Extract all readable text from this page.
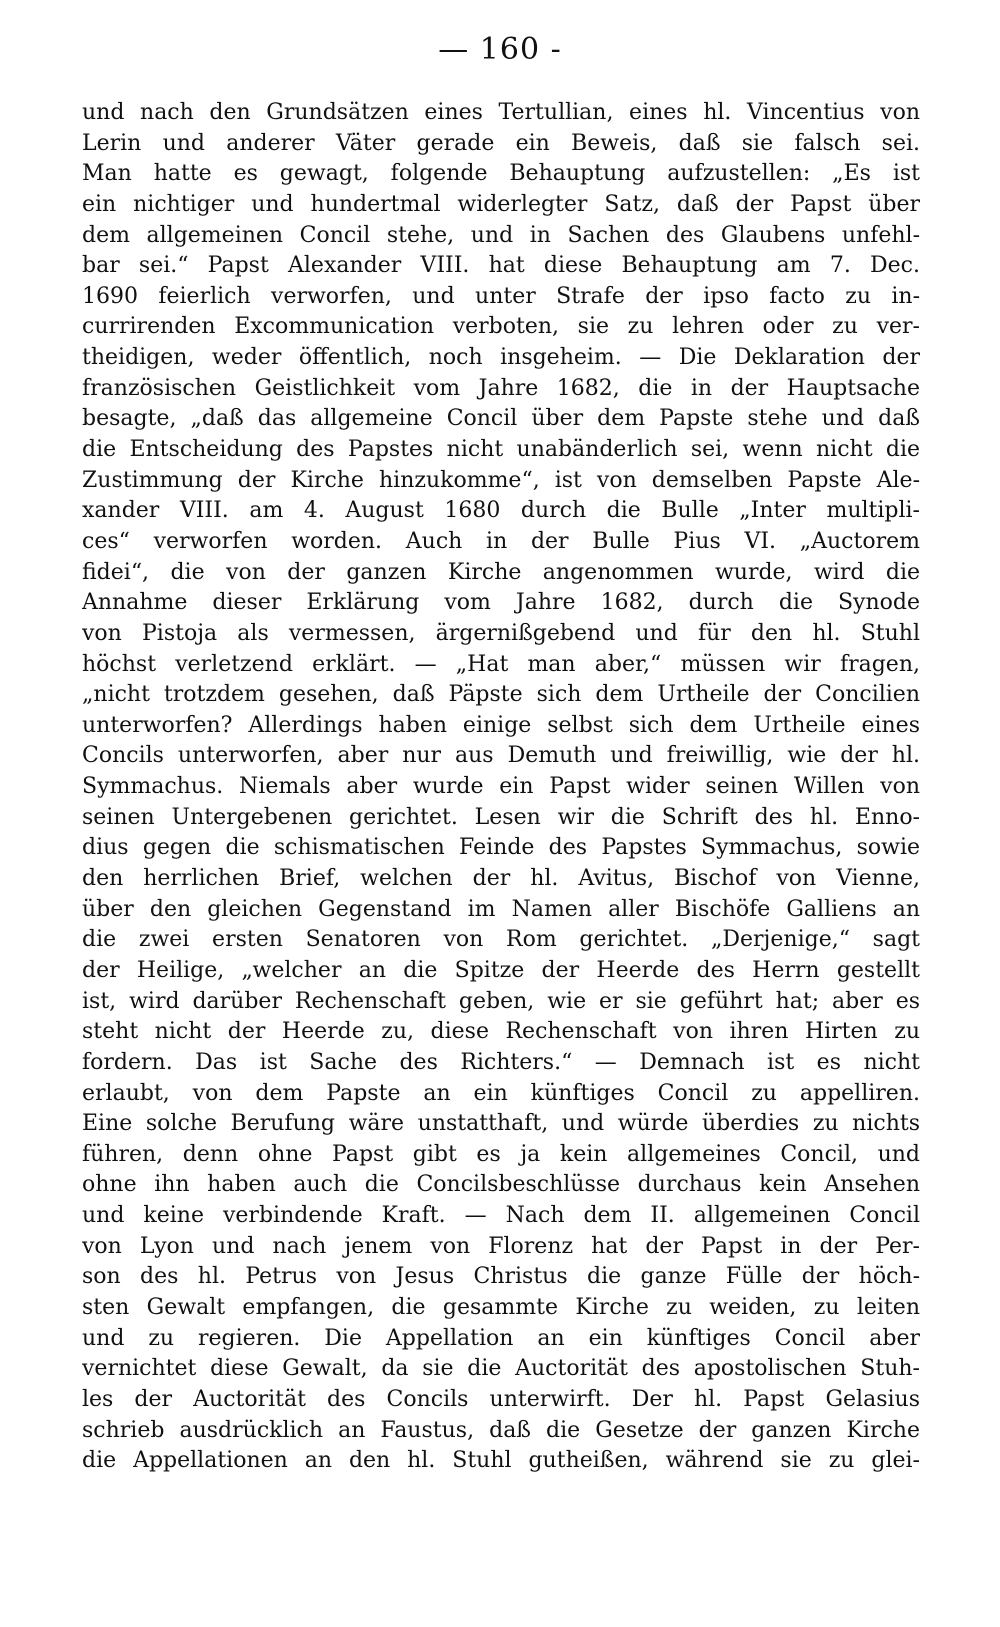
— 160 -
und nach den Grundsätzen eines Tertullian, eines hl. Vincentius von
Lerin und anderer Väter gerade ein Beweis, daß sie falsch sei.
Man hatte es gewagt, folgende Behauptung aufzustellen: „Es ist
ein nichtiger und hundertmal widerlegter Satz, daß der Papst über
dem allgemeinen Concil stehe, und in Sachen des Glaubens unfehl-
bar sei.“ Papst Alexander VIII. hat diese Behauptung am 7. Dec.
1690 feierlich verworfen, und unter Strafe der ipso facto zu in-
currirenden Excommunication verboten, sie zu lehren oder zu ver-
theidigen, weder öffentlich, noch insgeheim. — Die Deklaration der
französischen Geistlichkeit vom Jahre 1682, die in der Hauptsache
besagte, „daß das allgemeine Concil über dem Papste stehe und daß
die Entscheidung des Papstes nicht unabänderlich sei, wenn nicht die
Zustimmung der Kirche hinzukomme“, ist von demselben Papste Ale-
xander VIII. am 4. August 1680 durch die Bulle „Inter multipli-
ces“ verworfen worden. Auch in der Bulle Pius VI. „Auctorem
fidei“, die von der ganzen Kirche angenommen wurde, wird die
Annahme dieser Erklärung vom Jahre 1682, durch die Synode
von Pistoja als vermessen, ärgernißgebend und für den hl. Stuhl
höchst verletzend erklärt. — „Hat man aber,“ müssen wir fragen,
„nicht trotzdem gesehen, daß Päpste sich dem Urtheile der Concilien
unterworfen? Allerdings haben einige selbst sich dem Urtheile eines
Concils unterworfen, aber nur aus Demuth und freiwillig, wie der hl.
Symmachus. Niemals aber wurde ein Papst wider seinen Willen von
seinen Untergebenen gerichtet. Lesen wir die Schrift des hl. Enno-
dius gegen die schismatischen Feinde des Papstes Symmachus, sowie
den herrlichen Brief, welchen der hl. Avitus, Bischof von Vienne,
über den gleichen Gegenstand im Namen aller Bischöfe Galliens an
die zwei ersten Senatoren von Rom gerichtet. „Derjenige,“ sagt
der Heilige, „welcher an die Spitze der Heerde des Herrn gestellt
ist, wird darüber Rechenschaft geben, wie er sie geführt hat; aber es
steht nicht der Heerde zu, diese Rechenschaft von ihren Hirten zu
fordern. Das ist Sache des Richters.“ — Demnach ist es nicht
erlaubt, von dem Papste an ein künftiges Concil zu appelliren.
Eine solche Berufung wäre unstatthaft, und würde überdies zu nichts
führen, denn ohne Papst gibt es ja kein allgemeines Concil, und
ohne ihn haben auch die Concilsbeschlüsse durchaus kein Ansehen
und keine verbindende Kraft. — Nach dem II. allgemeinen Concil
von Lyon und nach jenem von Florenz hat der Papst in der Per-
son des hl. Petrus von Jesus Christus die ganze Fülle der höch-
sten Gewalt empfangen, die gesammte Kirche zu weiden, zu leiten
und zu regieren. Die Appellation an ein künftiges Concil aber
vernichtet diese Gewalt, da sie die Auctorität des apostolischen Stuh-
les der Auctorität des Concils unterwirft. Der hl. Papst Gelasius
schrieb ausdrücklich an Faustus, daß die Gesetze der ganzen Kirche
die Appellationen an den hl. Stuhl gutheißen, während sie zu glei-
